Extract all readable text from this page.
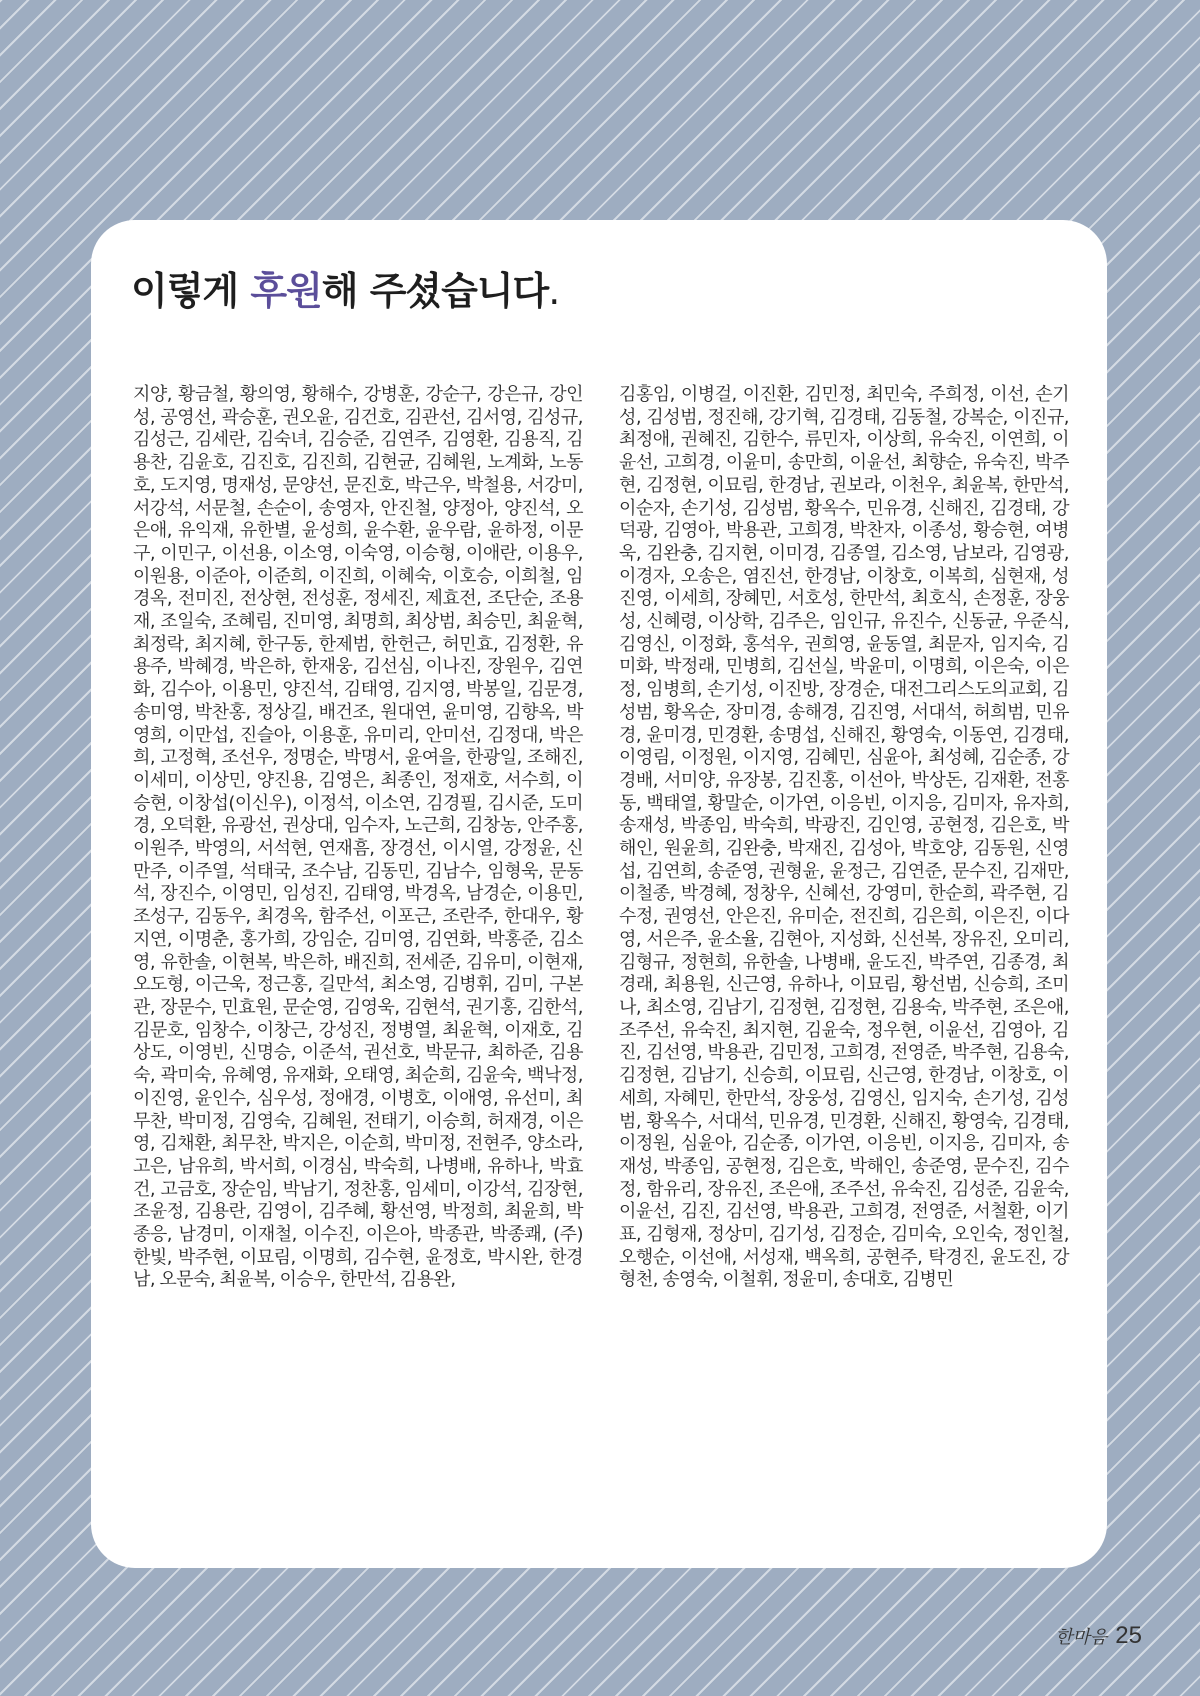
이렇게 후원해 주셨습니다.

지양, 황금철, 황의영, 황해수, 강병훈, 강순구, 강은규, 강인성, 공영선, 곽승훈, 권오윤, 김건호, 김관선, 김서영, 김성규, 김성근, 김세란, 김숙녀, 김승준, 김연주, 김영환, 김용직, 김용찬, 김윤호, 김진호, 김진희, 김현균, 김혜원, 노계화, 노동호, 도지영, 명재성, 문양선, 문진호, 박근우, 박철용, 서강미, 서강석, 서문철, 손순이, 송영자, 안진철, 양정아, 양진석, 오은애, 유익재, 유한별, 윤성희, 윤수환, 윤우람, 윤하정, 이문구, 이민구, 이선용, 이소영, 이숙영, 이승형, 이애란, 이용우, 이원용, 이준아, 이준희, 이진희, 이혜숙, 이호승, 이희철, 임경옥, 전미진, 전상현, 전성훈, 정세진, 제효전, 조단순, 조용재, 조일숙, 조혜림, 진미영, 최명희, 최상범, 최승민, 최윤혁, 최정락, 최지혜, 한구동, 한제범, 한헌근, 허민효, 김정환, 유용주, 박혜경, 박은하, 한재웅, 김선심, 이나진, 장원우, 김연화, 김수아, 이용민, 양진석, 김태영, 김지영, 박봉일, 김문경, 송미영, 박찬홍, 정상길, 배건조, 원대연, 윤미영, 김향옥, 박영희, 이만섭, 진슬아, 이용훈, 유미리, 안미선, 김정대, 박은희, 고정혁, 조선우, 정명순, 박명서, 윤여을, 한광일, 조해진, 이세미, 이상민, 양진용, 김영은, 최종인, 정재호, 서수희, 이승현, 이창섭(이신우), 이정석, 이소연, 김경필, 김시준, 도미경, 오덕환, 유광선, 권상대, 임수자, 노근희, 김창농, 안주홍, 이원주, 박영의, 서석현, 연재흠, 장경선, 이시열, 강정윤, 신만주, 이주열, 석태국, 조수남, 김동민, 김남수, 임형욱, 문동석, 장진수, 이영민, 임성진, 김태영, 박경옥, 남경순, 이용민, 조성구, 김동우, 최경옥, 함주선, 이포근, 조란주, 한대우, 황지연, 이명춘, 홍가희, 강임순, 김미영, 김연화, 박홍준, 김소영, 유한솔, 이현복, 박은하, 배진희, 전세준, 김유미, 이현재, 오도형, 이근욱, 정근홍, 길만석, 최소영, 김병휘, 김미, 구본관, 장문수, 민효원, 문순영, 김영욱, 김현석, 권기홍, 김한석, 김문호, 임창수, 이창근, 강성진, 정병열, 최윤혁, 이재호, 김상도, 이영빈, 신명승, 이준석, 권선호, 박문규, 최하준, 김용숙, 곽미숙, 유혜영, 유재화, 오태영, 최순희, 김윤숙, 백낙정, 이진영, 윤인수, 심우성, 정애경, 이병호, 이애영, 유선미, 최무찬, 박미정, 김영숙, 김혜원, 전태기, 이승희, 허재경, 이은영, 김채환, 최무찬, 박지은, 이순희, 박미정, 전현주, 양소라, 고은, 남유희, 박서희, 이경심, 박숙희, 나병배, 유하나, 박효건, 고금호, 장순임, 박남기, 정찬홍, 임세미, 이강석, 김장현, 조윤정, 김용란, 김영이, 김주혜, 황선영, 박정희, 최윤희, 박종응, 남경미, 이재철, 이수진, 이은아, 박종관, 박종쾌, (주)한빛, 박주현, 이묘림, 이명희, 김수현, 윤정호, 박시완, 한경남, 오문숙, 최윤복, 이승우, 한만석, 김용완,

김홍임, 이병걸, 이진환, 김민정, 최민숙, 주희정, 이선, 손기성, 김성범, 정진해, 강기혁, 김경태, 김동철, 강복순, 이진규, 최정애, 권혜진, 김한수, 류민자, 이상희, 유숙진, 이연희, 이윤선, 고희경, 이윤미, 송만희, 이윤선, 최향순, 유숙진, 박주현, 김정현, 이묘림, 한경남, 권보라, 이천우, 최윤복, 한만석, 이순자, 손기성, 김성범, 황옥수, 민유경, 신해진, 김경태, 강덕광, 김영아, 박용관, 고희경, 박찬자, 이종성, 황승현, 여병욱, 김완충, 김지현, 이미경, 김종열, 김소영, 남보라, 김영광, 이경자, 오송은, 염진선, 한경남, 이창호, 이복희, 심현재, 성진영, 이세희, 장혜민, 서호성, 한만석, 최호식, 손정훈, 장웅성, 신혜령, 이상학, 김주은, 임인규, 유진수, 신동균, 우준식, 김영신, 이정화, 홍석우, 권희영, 윤동열, 최문자, 임지숙, 김미화, 박정래, 민병희, 김선실, 박윤미, 이명희, 이은숙, 이은정, 임병희, 손기성, 이진방, 장경순, 대전그리스도의교회, 김성범, 황옥순, 장미경, 송해경, 김진영, 서대석, 허희범, 민유경, 윤미경, 민경환, 송명섭, 신해진, 황영숙, 이동연, 김경태, 이영림, 이정원, 이지영, 김혜민, 심윤아, 최성혜, 김순종, 강경배, 서미양, 유장봉, 김진홍, 이선아, 박상돈, 김재환, 전홍동, 백태열, 황말순, 이가연, 이응빈, 이지응, 김미자, 유자희, 송재성, 박종임, 박숙희, 박광진, 김인영, 공현정, 김은호, 박해인, 원윤희, 김완충, 박재진, 김성아, 박호양, 김동원, 신영섭, 김연희, 송준영, 권형윤, 윤정근, 김연준, 문수진, 김재만,이철종, 박경혜, 정창우, 신혜선, 강영미, 한순희, 곽주현, 김수정, 권영선, 안은진, 유미순, 전진희, 김은희, 이은진, 이다영, 서은주, 윤소율, 김현아, 지성화, 신선복, 장유진, 오미리, 김형규, 정현희, 유한솔, 나병배, 윤도진, 박주연, 김종경, 최경래, 최용원, 신근영, 유하나, 이묘림, 황선범, 신승희, 조미나, 최소영, 김남기, 김정현, 김정현, 김용숙, 박주현, 조은애, 조주선, 유숙진, 최지현, 김윤숙, 정우현, 이윤선, 김영아, 김진, 김선영, 박용관, 김민정, 고희경, 전영준, 박주현, 김용숙, 김정현, 김남기, 신승희, 이묘림, 신근영, 한경남, 이창호, 이세희, 자혜민, 한만석, 장웅성, 김영신, 임지숙, 손기성, 김성범, 황옥수, 서대석, 민유경, 민경환, 신해진, 황영숙, 김경태, 이정원, 심윤아, 김순종, 이가연, 이응빈, 이지응, 김미자, 송재성, 박종임, 공현정, 김은호, 박해인, 송준영, 문수진, 김수정, 함유리, 장유진, 조은애, 조주선, 유숙진, 김성준, 김윤숙, 이윤선, 김진, 김선영, 박용관, 고희경, 전영준, 서철환, 이기표, 김형재, 정상미, 김기성, 김정순, 김미숙, 오인숙, 정인철, 오행순, 이선애, 서성재, 백옥희, 공현주, 탁경진, 윤도진, 강형천, 송영숙, 이철휘, 정윤미, 송대호, 김병민

한마음 25
